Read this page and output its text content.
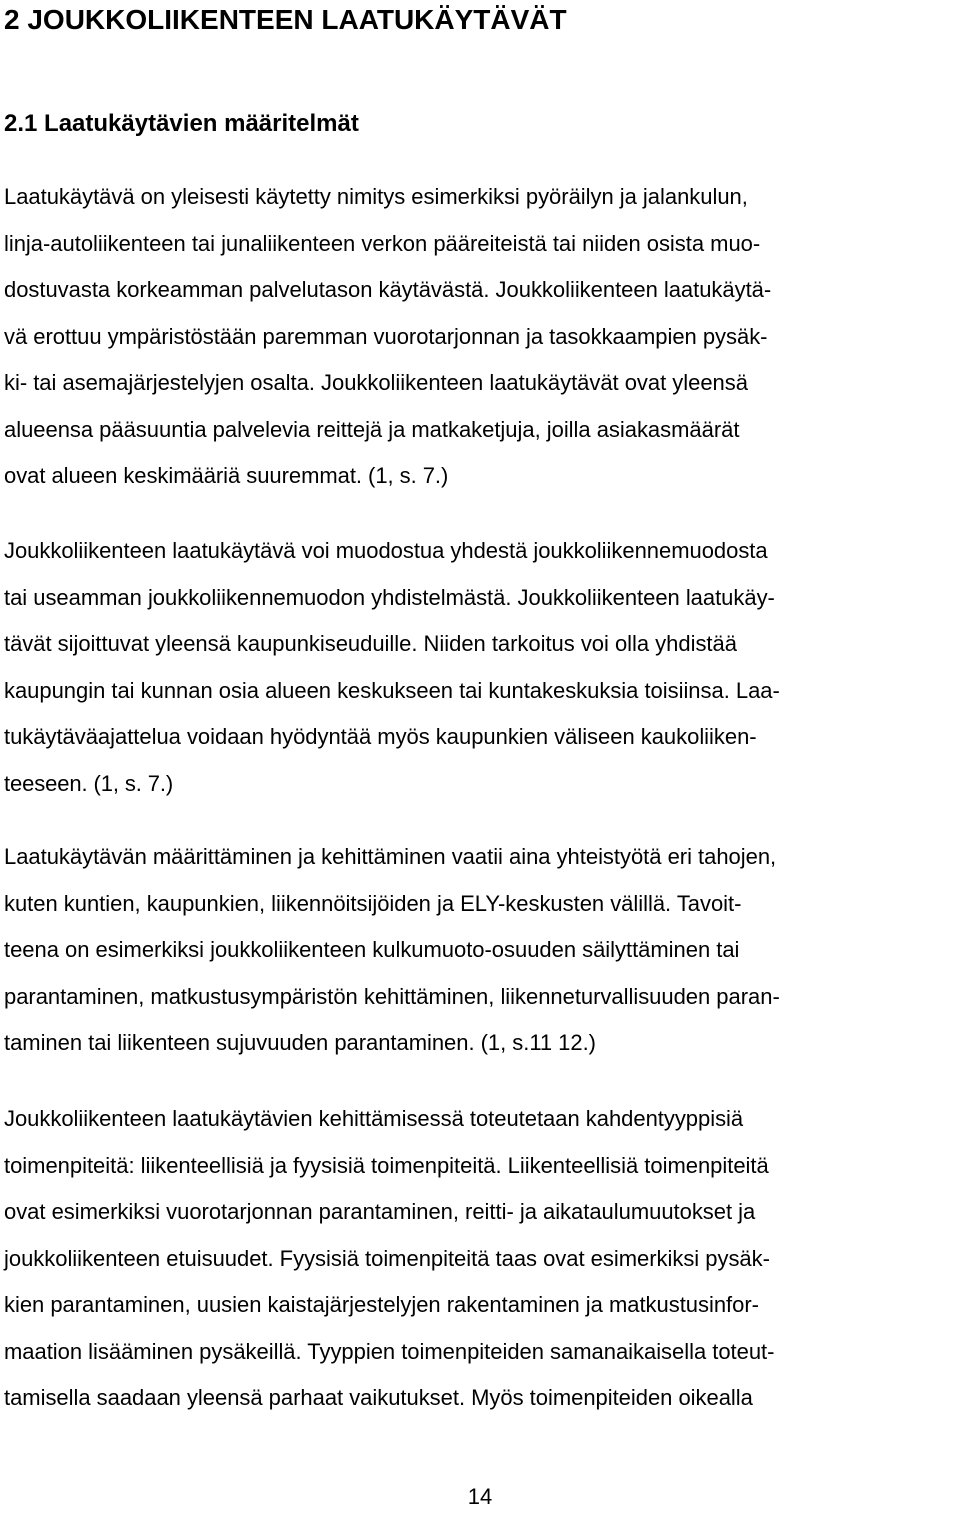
2 JOUKKOLIIKENTEEN LAATUKÄYTÄVÄT
2.1 Laatukäytävien määritelmät
Laatukäytävä on yleisesti käytetty nimitys esimerkiksi pyöräilyn ja jalankulun,
linja-autoliikenteen tai junaliikenteen verkon pääreiteistä tai niiden osista muo-
dostuvasta korkeamman palvelutason käytävästä. Joukkoliikenteen laatukäytä-
vä erottuu ympäristöstään paremman vuorotarjonnan ja tasokkaampien pysäk-
ki- tai asemajärjestelyjen osalta. Joukkoliikenteen laatukäytävät ovat yleensä
alueensa pääsuuntia palvelevia reittejä ja matkaketjuja, joilla asiakasmäärät
ovat alueen keskimääriä suuremmat. (1, s. 7.)
Joukkoliikenteen laatukäytävä voi muodostua yhdestä joukkoliikennemuodosta
tai useamman joukkoliikennemuodon yhdistelmästä. Joukkoliikenteen laatukäy-
tävät sijoittuvat yleensä kaupunkiseuduille. Niiden tarkoitus voi olla yhdistää
kaupungin tai kunnan osia alueen keskukseen tai kuntakeskuksia toisiinsa. Laa-
tukäytäväajattelua voidaan hyödyntää myös kaupunkien väliseen kaukoliiken-
teeseen. (1, s. 7.)
Laatukäytävän määrittäminen ja kehittäminen vaatii aina yhteistyötä eri tahojen,
kuten kuntien, kaupunkien, liikennöitsijöiden ja ELY-keskusten välillä. Tavoit-
teena on esimerkiksi joukkoliikenteen kulkumuoto-osuuden säilyttäminen tai
parantaminen, matkustusympäristön kehittäminen, liikenneturvallisuuden paran-
taminen tai liikenteen sujuvuuden parantaminen. (1, s.11 12.)
Joukkoliikenteen laatukäytävien kehittämisessä toteutetaan kahdentyyppisiä
toimenpiteitä: liikenteellisiä ja fyysisiä toimenpiteitä. Liikenteellisiä toimenpiteitä
ovat esimerkiksi vuorotarjonnan parantaminen, reitti- ja aikataulumuutokset ja
joukkoliikenteen etuisuudet. Fyysisiä toimenpiteitä taas ovat esimerkiksi pysäk-
kien parantaminen, uusien kaistajärjestelyjen rakentaminen ja matkustusinfor-
maation lisääminen pysäkeillä. Tyyppien toimenpiteiden samanaikaisella toteut-
tamisella saadaan yleensä parhaat vaikutukset. Myös toimenpiteiden oikealla
14
